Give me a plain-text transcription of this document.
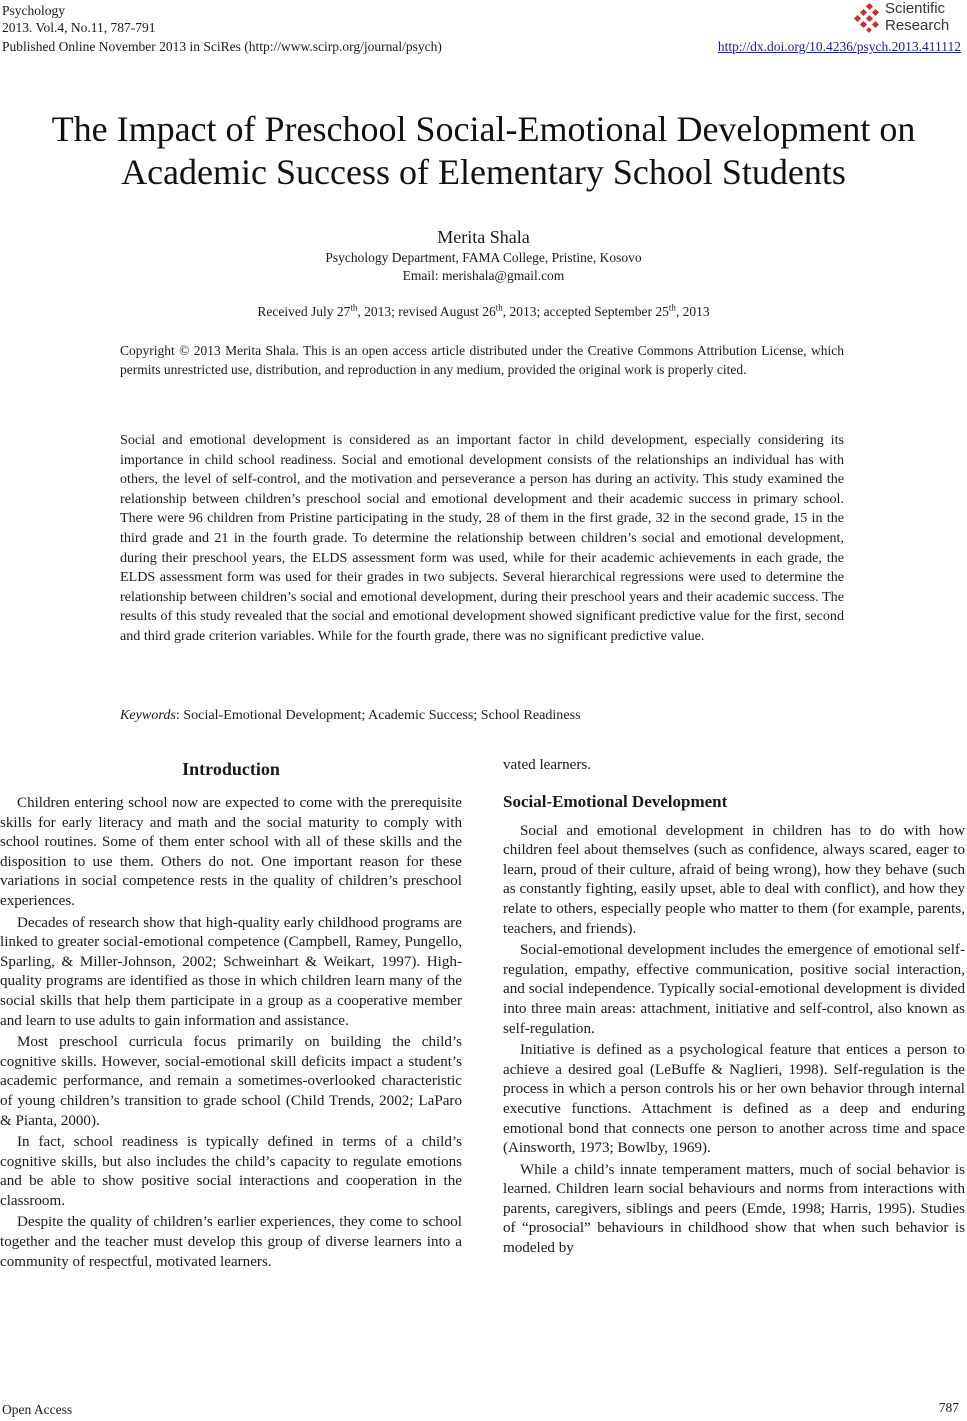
Psychology
2013. Vol.4, No.11, 787-791
Published Online November 2013 in SciRes (http://www.scirp.org/journal/psych)	http://dx.doi.org/10.4236/psych.2013.411112
Scientific
Research
The Impact of Preschool Social-Emotional Development on Academic Success of Elementary School Students
Merita Shala
Psychology Department, FAMA College, Pristine, Kosovo
Email: merishala@gmail.com
Received July 27th, 2013; revised August 26th, 2013; accepted September 25th, 2013

Copyright © 2013 Merita Shala. This is an open access article distributed under the Creative Commons Attribution License, which permits unrestricted use, distribution, and reproduction in any medium, provided the original work is properly cited.

Social and emotional development is considered as an important factor in child development, especially considering its importance in child school readiness. Social and emotional development consists of the relationships an individual has with others, the level of self-control, and the motivation and perseverance a person has during an activity. This study examined the relationship between children’s preschool social and emotional development and their academic success in primary school. There were 96 children from Pristine participating in the study, 28 of them in the first grade, 32 in the second grade, 15 in the third grade and 21 in the fourth grade. To determine the relationship between children’s social and emotional development, during their preschool years, the ELDS assessment form was used, while for their academic achievements in each grade, the ELDS assessment form was used for their grades in two subjects. Several hierarchical regressions were used to determine the relationship between children’s social and emotional development, during their preschool years and their academic success. The results of this study revealed that the social and emotional development showed significant predictive value for the first, second and third grade criterion variables. While for the fourth grade, there was no significant predictive value.

Keywords: Social-Emotional Development; Academic Success; School Readiness
Introduction

Children entering school now are expected to come with the prerequisite skills for early literacy and math and the social maturity to comply with school routines. Some of them enter school with all of these skills and the disposition to use them. Others do not. One important reason for these variations in social competence rests in the quality of children’s preschool experiences.

Decades of research show that high-quality early childhood programs are linked to greater social-emotional competence (Campbell, Ramey, Pungello, Sparling, & Miller-Johnson, 2002; Schweinhart & Weikart, 1997). High-quality programs are identified as those in which children learn many of the social skills that help them participate in a group as a cooperative member and learn to use adults to gain information and assistance.

Most preschool curricula focus primarily on building the child’s cognitive skills. However, social-emotional skill deficits impact a student’s academic performance, and remain a sometimes-overlooked characteristic of young children’s transition to grade school (Child Trends, 2002; LaParo & Pianta, 2000).

In fact, school readiness is typically defined in terms of a child’s cognitive skills, but also includes the child’s capacity to regulate emotions and be able to show positive social interactions and cooperation in the classroom.

Despite the quality of children’s earlier experiences, they come to school together and the teacher must develop this group of diverse learners into a community of respectful, motivated learners.

vated learners.

Social-Emotional Development

Social and emotional development in children has to do with how children feel about themselves (such as confidence, always scared, eager to learn, proud of their culture, afraid of being wrong), how they behave (such as constantly fighting, easily upset, able to deal with conflict), and how they relate to others, especially people who matter to them (for example, parents, teachers, and friends).

Social-emotional development includes the emergence of emotional self-regulation, empathy, effective communication, positive social interaction, and social independence. Typically social-emotional development is divided into three main areas: attachment, initiative and self-control, also known as self-regulation.

Initiative is defined as a psychological feature that entices a person to achieve a desired goal (LeBuffe & Naglieri, 1998). Self-regulation is the process in which a person controls his or her own behavior through internal executive functions. Attachment is defined as a deep and enduring emotional bond that connects one person to another across time and space (Ainsworth, 1973; Bowlby, 1969).

While a child’s innate temperament matters, much of social behavior is learned. Children learn social behaviours and norms from interactions with parents, caregivers, siblings and peers (Emde, 1998; Harris, 1995). Studies of “prosocial” behaviours in childhood show that when such behavior is modeled by

Open Access	787
